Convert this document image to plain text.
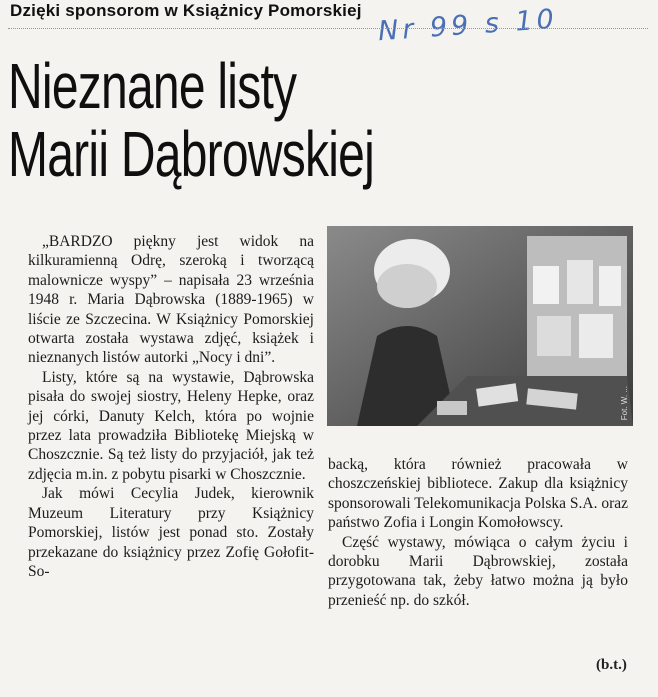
Dzięki sponsorom w Książnicy Pomorskiej Nr 99 s 10
Nieznane listy
Marii Dąbrowskiej

„BARDZO piękny jest widok na kilkuramienną Odrę, szeroką i tworzącą malownicze wyspy” – napisała 23 września 1948 r. Maria Dąbrowska (1889-1965) w liście ze Szczecina. W Książnicy Pomorskiej otwarta została wystawa zdjęć, książek i nieznanych listów autorki „Nocy i dni”.

Listy, które są na wystawie, Dąbrowska pisała do swojej siostry, Heleny Hepke, oraz jej córki, Danuty Kelch, która po wojnie przez lata prowadziła Bibliotekę Miejską w Choszcznie. Są też listy do przyjaciół, jak też zdjęcia m.in. z pobytu pisarki w Choszcznie.

Jak mówi Cecylia Judek, kierownik Muzeum Literatury przy Książnicy Pomorskiej, listów jest ponad sto. Zostały przekazane do książnicy przez Zofię Gołofit-So-

Fot. W. ...

backą, która również pracowała w choszczeńskiej bibliotece. Zakup dla książnicy sponsorowali Telekomunikacja Polska S.A. oraz państwo Zofia i Longin Komołowscy.

Część wystawy, mówiąca o całym życiu i dorobku Marii Dąbrowskiej, została przygotowana tak, żeby łatwo można ją było przenieść np. do szkół.

(b.t.)
